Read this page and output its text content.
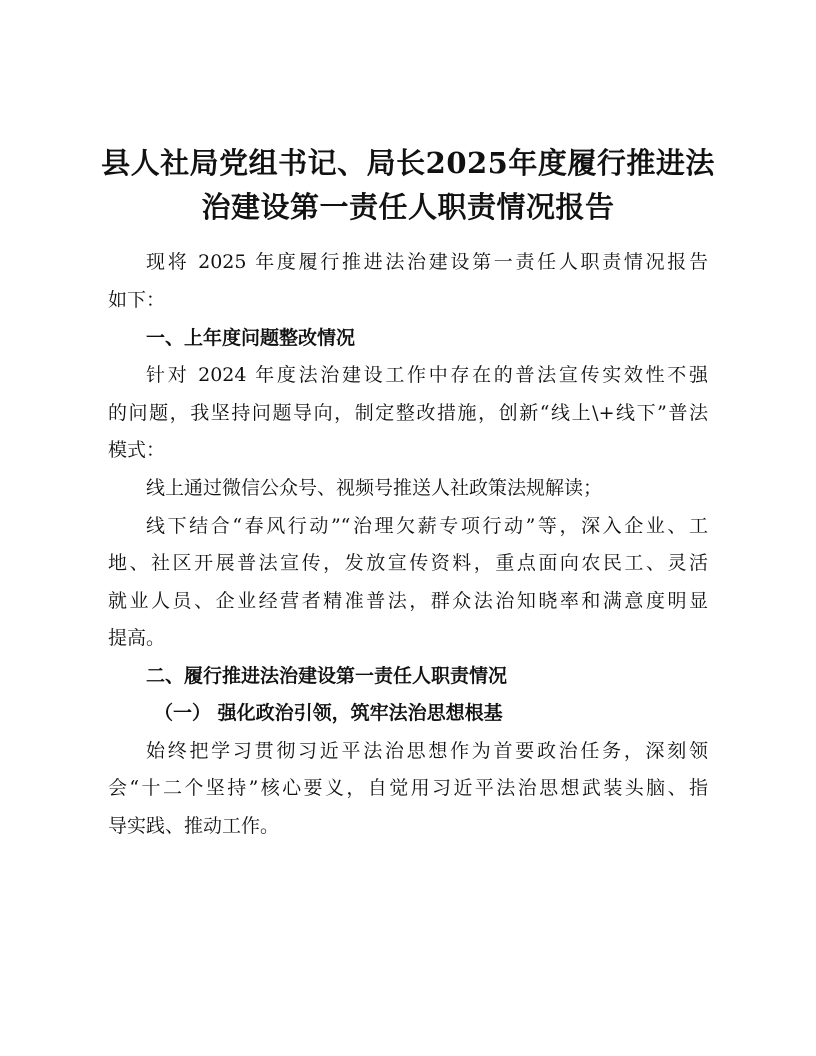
县人社局党组书记、局长2025年度履行推进法
治建设第一责任人职责情况报告

现将 2025 年度履行推进法治建设第一责任人职责情况报告

如下：

一、上年度问题整改情况

针对 2024 年度法治建设工作中存在的普法宣传实效性不强

的问题，我坚持问题导向，制定整改措施，创新“线上\+线下”普法

模式：

线上通过微信公众号、视频号推送人社政策法规解读；

线下结合“春风行动”“治理欠薪专项行动”等，深入企业、工

地、社区开展普法宣传，发放宣传资料，重点面向农民工、灵活

就业人员、企业经营者精准普法，群众法治知晓率和满意度明显

提高。

二、履行推进法治建设第一责任人职责情况

（一） 强化政治引领，筑牢法治思想根基

始终把学习贯彻习近平法治思想作为首要政治任务，深刻领

会“十二个坚持”核心要义，自觉用习近平法治思想武装头脑、指

导实践、推动工作。
